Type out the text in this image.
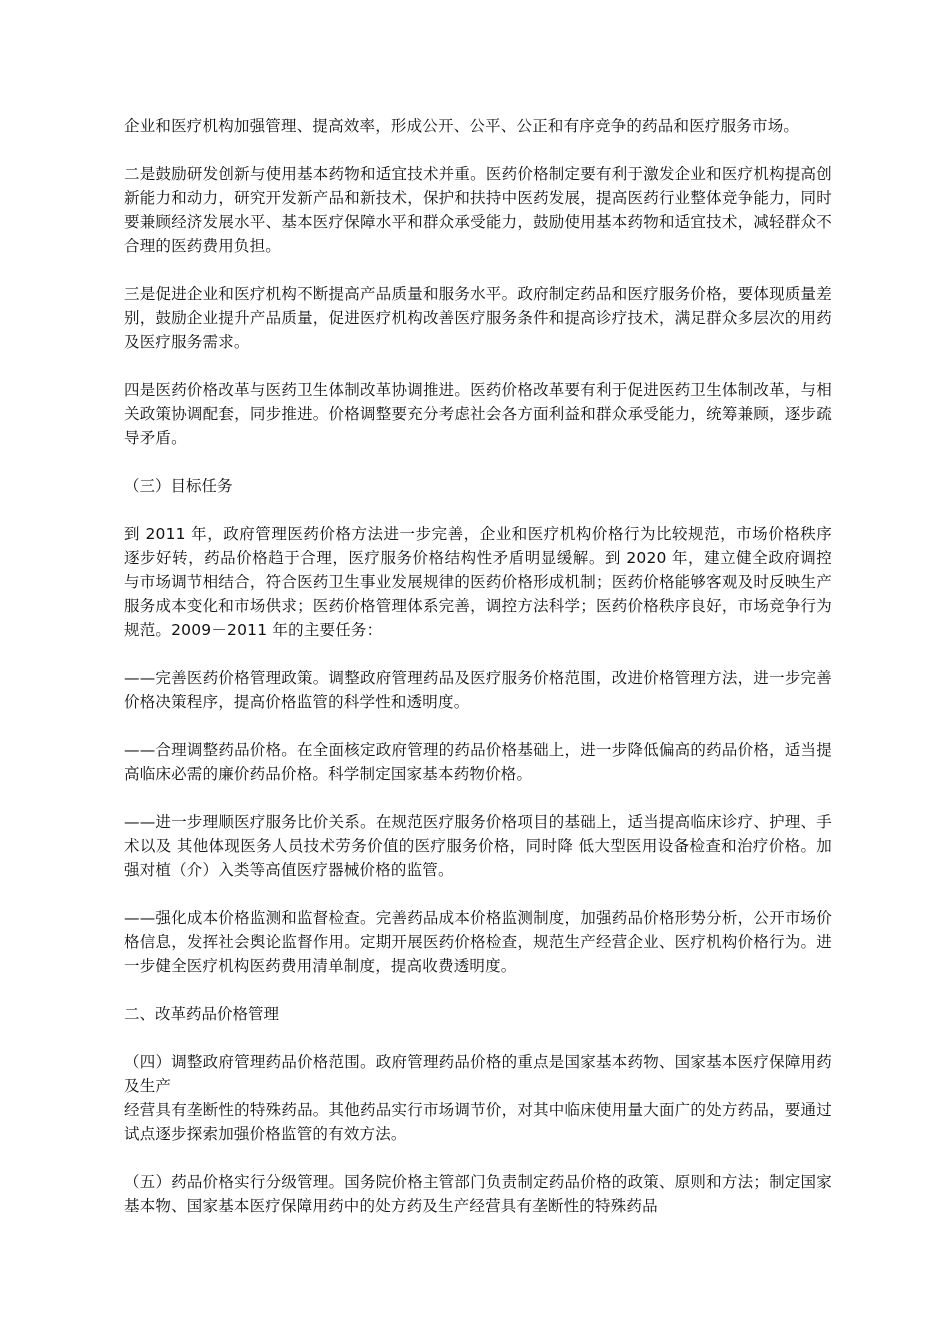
企业和医疗机构加强管理、提高效率，形成公开、公平、公正和有序竞争的药品和医疗服务市场。

二是鼓励研发创新与使用基本药物和适宜技术并重。医药价格制定要有利于激发企业和医疗机构提高创新能力和动力，研究开发新产品和新技术，保护和扶持中医药发展，提高医药行业整体竞争能力，同时要兼顾经济发展水平、基本医疗保障水平和群众承受能力，鼓励使用基本药物和适宜技术，减轻群众不合理的医药费用负担。

三是促进企业和医疗机构不断提高产品质量和服务水平。政府制定药品和医疗服务价格，要体现质量差别，鼓励企业提升产品质量，促进医疗机构改善医疗服务条件和提高诊疗技术，满足群众多层次的用药及医疗服务需求。

四是医药价格改革与医药卫生体制改革协调推进。医药价格改革要有利于促进医药卫生体制改革，与相关政策协调配套，同步推进。价格调整要充分考虑社会各方面利益和群众承受能力，统筹兼顾，逐步疏导矛盾。

（三）目标任务

到 2011 年，政府管理医药价格方法进一步完善，企业和医疗机构价格行为比较规范，市场价格秩序逐步好转，药品价格趋于合理，医疗服务价格结构性矛盾明显缓解。到 2020 年，建立健全政府调控与市场调节相结合，符合医药卫生事业发展规律的医药价格形成机制；医药价格能够客观及时反映生产服务成本变化和市场供求；医药价格管理体系完善，调控方法科学；医药价格秩序良好，市场竞争行为规范。2009－2011 年的主要任务：

——完善医药价格管理政策。调整政府管理药品及医疗服务价格范围，改进价格管理方法，进一步完善价格决策程序，提高价格监管的科学性和透明度。

——合理调整药品价格。在全面核定政府管理的药品价格基础上，进一步降低偏高的药品价格，适当提高临床必需的廉价药品价格。科学制定国家基本药物价格。

——进一步理顺医疗服务比价关系。在规范医疗服务价格项目的基础上，适当提高临床诊疗、护理、手术以及 其他体现医务人员技术劳务价值的医疗服务价格，同时降 低大型医用设备检查和治疗价格。加强对植（介）入类等高值医疗器械价格的监管。

——强化成本价格监测和监督检查。完善药品成本价格监测制度，加强药品价格形势分析，公开市场价格信息，发挥社会舆论监督作用。定期开展医药价格检查，规范生产经营企业、医疗机构价格行为。进一步健全医疗机构医药费用清单制度，提高收费透明度。

二、改革药品价格管理

（四）调整政府管理药品价格范围。政府管理药品价格的重点是国家基本药物、国家基本医疗保障用药及生产
经营具有垄断性的特殊药品。其他药品实行市场调节价，对其中临床使用量大面广的处方药品，要通过试点逐步探索加强价格监管的有效方法。

（五）药品价格实行分级管理。国务院价格主管部门负责制定药品价格的政策、原则和方法；制定国家基本物、国家基本医疗保障用药中的处方药及生产经营具有垄断性的特殊药品
